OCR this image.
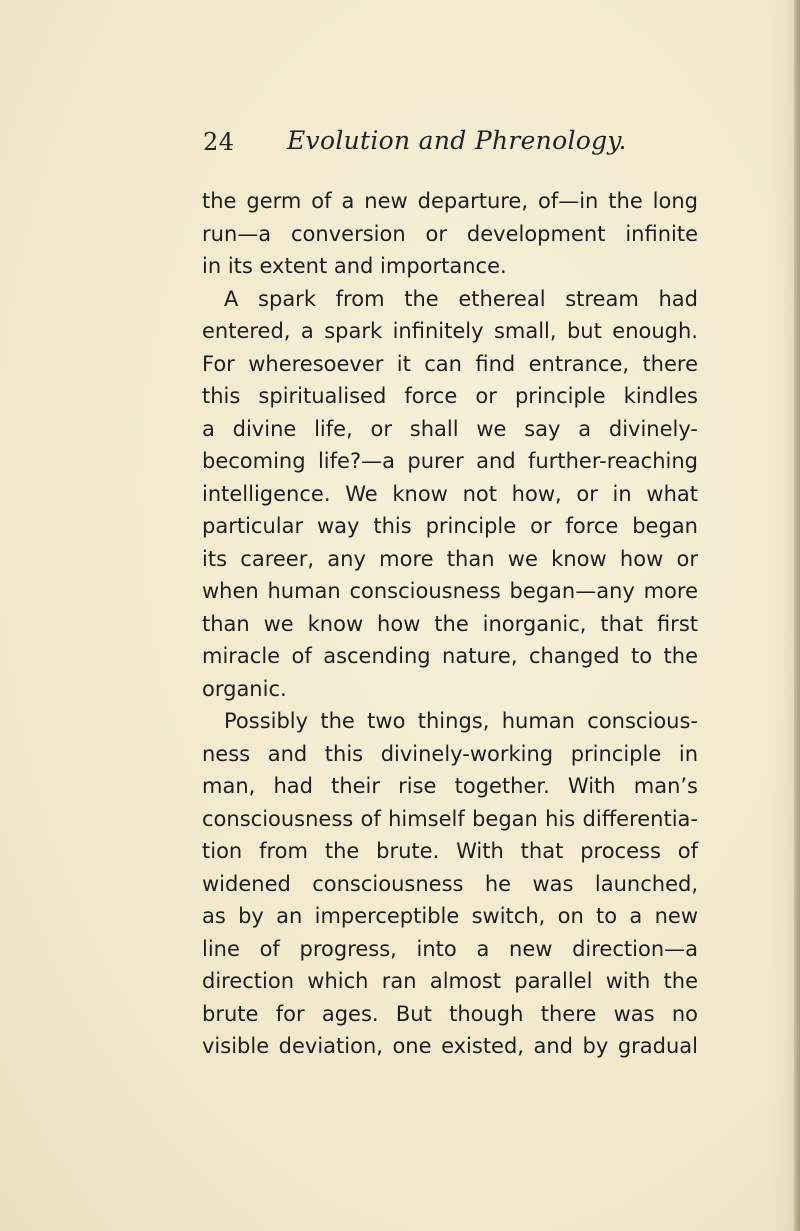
24 Evolution and Phrenology.
the germ of a new departure, of—in the long
run—a conversion or development infinite
in its extent and importance.
A spark from the ethereal stream had
entered, a spark infinitely small, but enough.
For wheresoever it can find entrance, there
this spiritualised force or principle kindles
a divine life, or shall we say a divinely-
becoming life?—a purer and further-reaching
intelligence. We know not how, or in what
particular way this principle or force began
its career, any more than we know how or
when human consciousness began—any more
than we know how the inorganic, that first
miracle of ascending nature, changed to the
organic.
Possibly the two things, human conscious-
ness and this divinely-working principle in
man, had their rise together. With man’s
consciousness of himself began his differentia-
tion from the brute. With that process of
widened consciousness he was launched,
as by an imperceptible switch, on to a new
line of progress, into a new direction—a
direction which ran almost parallel with the
brute for ages. But though there was no
visible deviation, one existed, and by gradual
